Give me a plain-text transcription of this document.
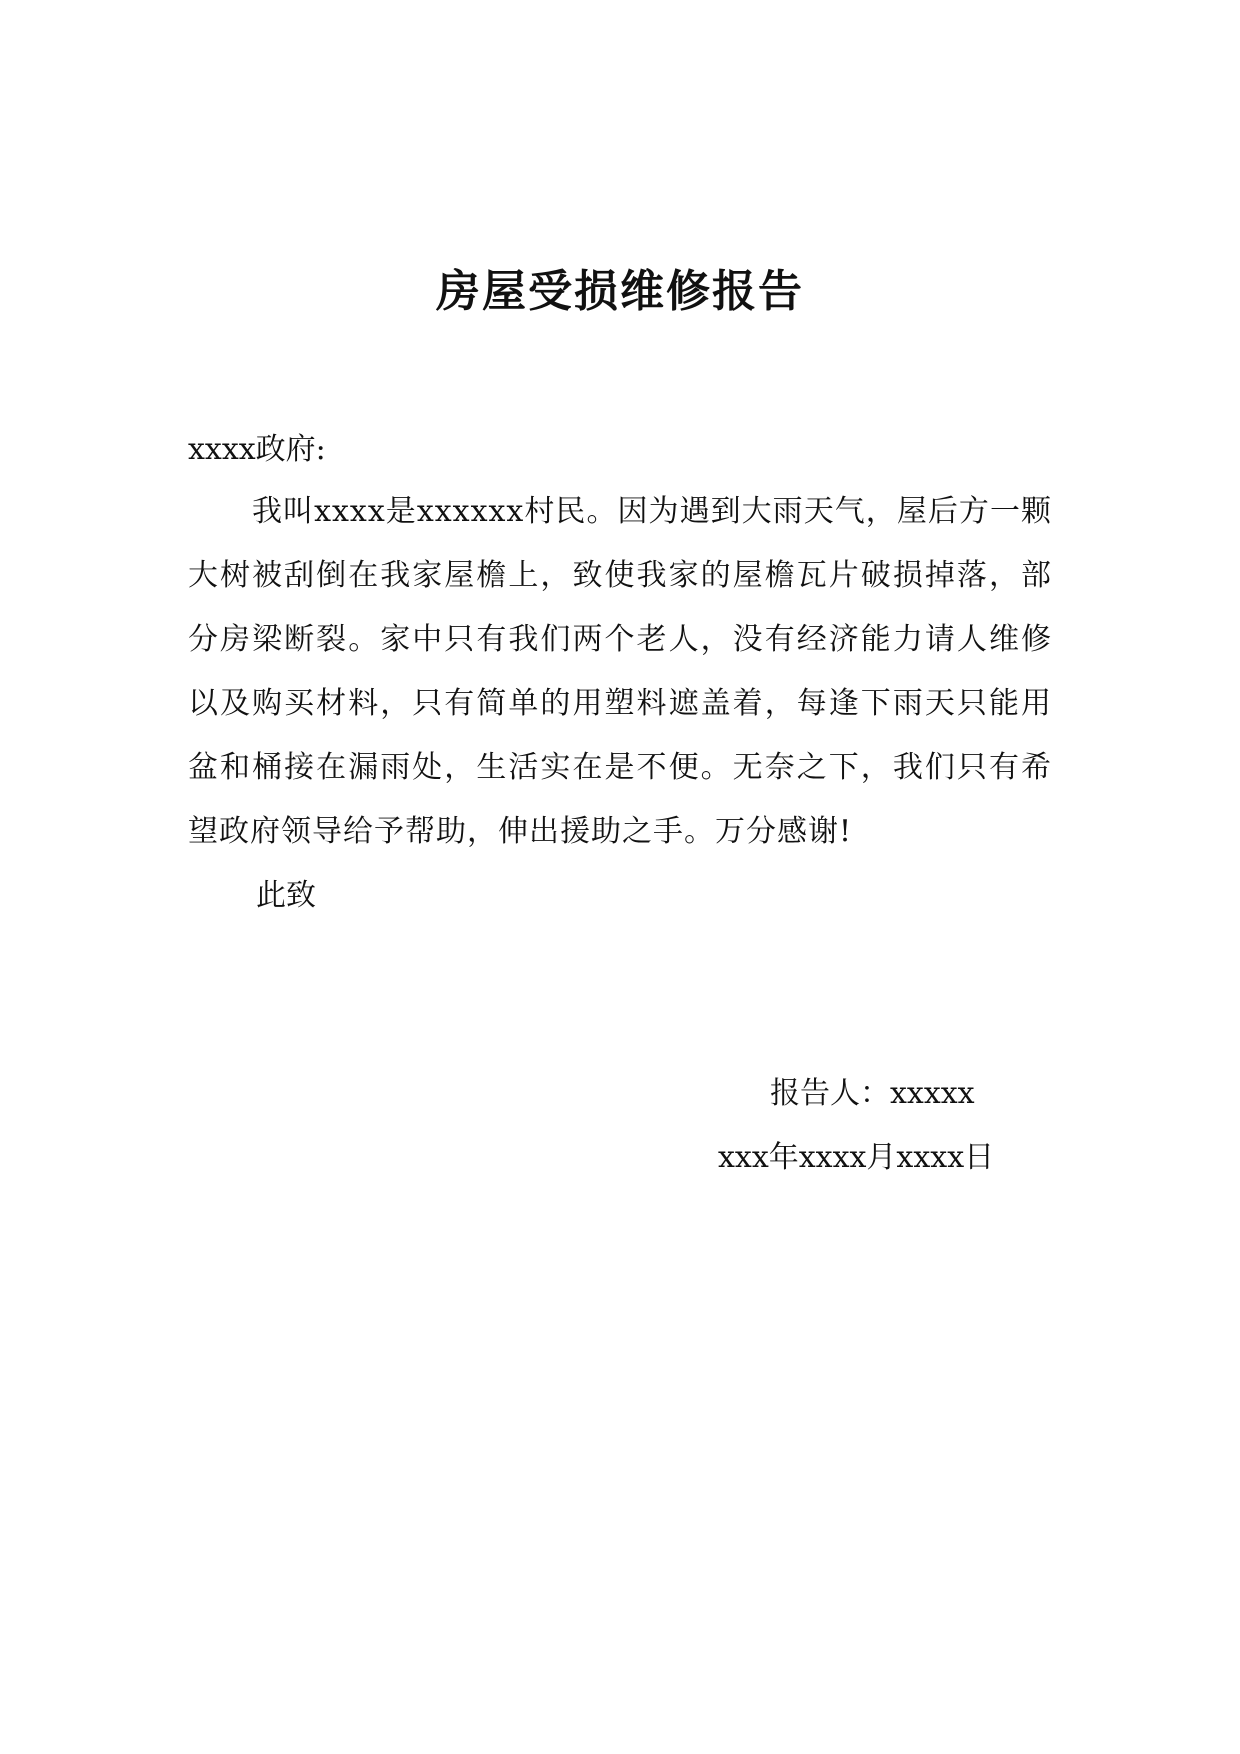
房屋受损维修报告
xxxx政府:

我叫xxxx是xxxxxx村民。因为遇到大雨天气，屋后方一颗大树被刮倒在我家屋檐上，致使我家的屋檐瓦片破损掉落，部分房梁断裂。家中只有我们两个老人，没有经济能力请人维修以及购买材料，只有简单的用塑料遮盖着，每逢下雨天只能用盆和桶接在漏雨处，生活实在是不便。无奈之下，我们只有希望政府领导给予帮助，伸出援助之手。万分感谢!

此致
报告人：xxxxx
xxx年xxxx月xxxx日
